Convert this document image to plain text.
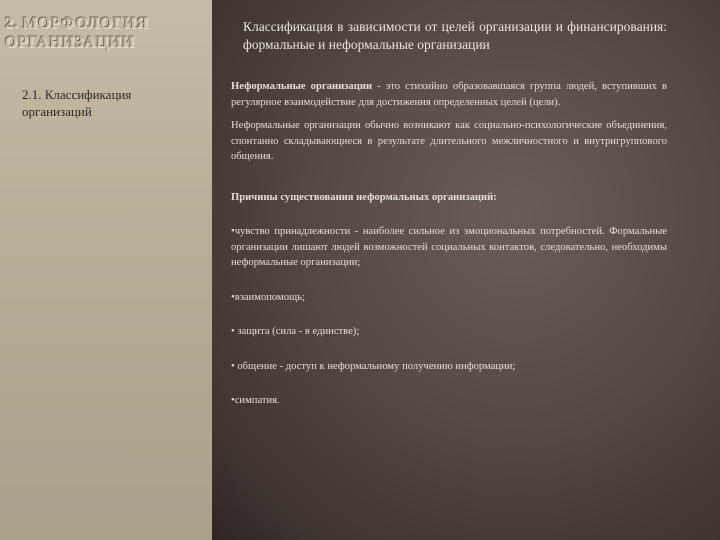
2. МОРФОЛОГИЯ
ОРГАНИЗАЦИИ

2.1. Классификация организаций

Классификация в зависимости от целей организации и финансирования: формальные и неформальные организации

Неформальные организации - это стихийно образовавшаяся группа людей, вступивших в регулярное взаимодействие для достижения определенных целей (цели).

Неформальные организации обычно возникают как социально-психологические объединения, спонтанно складывающиеся в результате длительного межличностного и внутригруппового общения.

Причины существования неформальных организаций:

•чувство принадлежности - наиболее сильное из эмоциональных потребностей. Формальные организации лишают людей возможностей социальных контактов, следовательно, необходимы неформальные организации;

•взаимопомощь;

• защита (сила - в единстве);

• общение - доступ к неформальному получению информации;

•симпатия.
